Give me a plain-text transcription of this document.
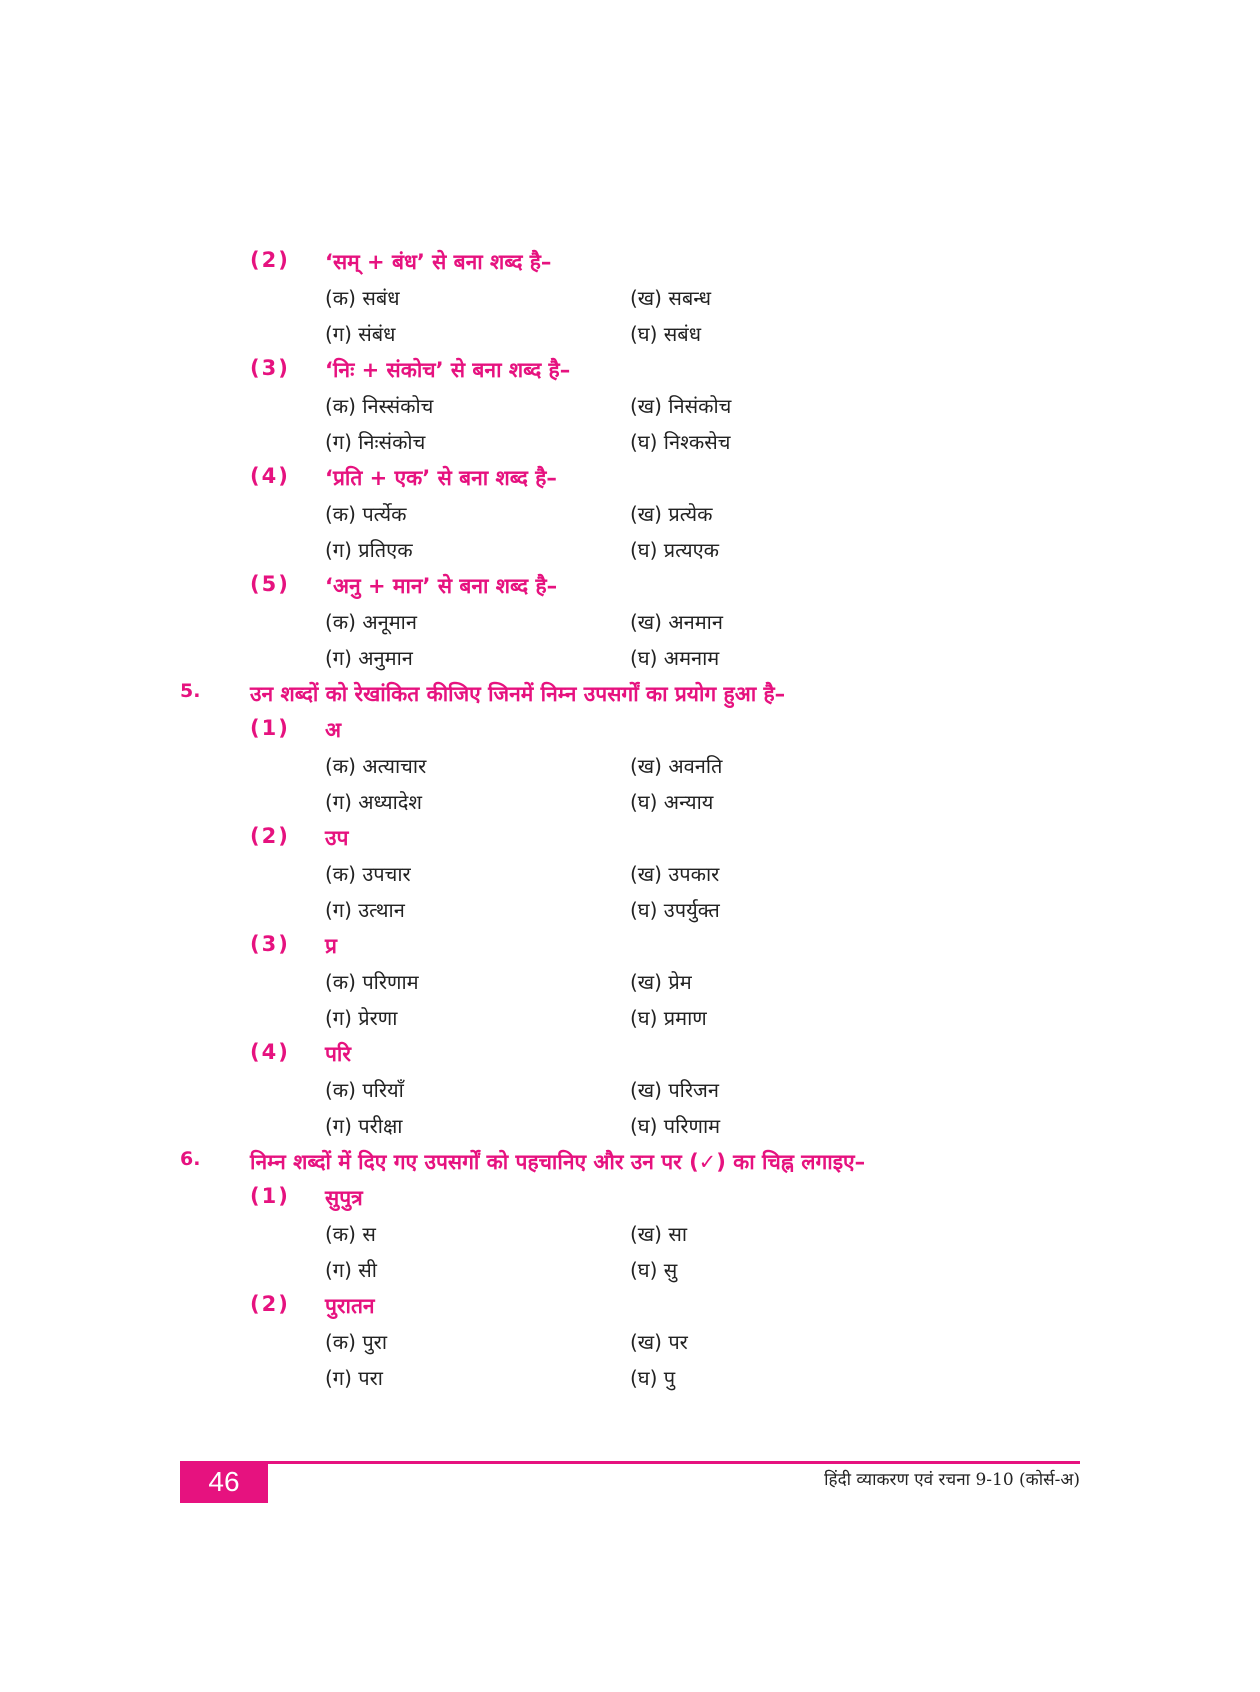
(2)	‘सम् + बंध’ से बना शब्द है–
(क) सबंध	(ख) सबन्ध
(ग) संबंध	(घ) सबंध
(3)	‘निः + संकोच’ से बना शब्द है–
(क) निस्संकोच	(ख) निसंकोच
(ग) निःसंकोच	(घ) निश्कसेच
(4)	‘प्रति + एक’ से बना शब्द है–
(क) पर्त्येक	(ख) प्रत्येक
(ग) प्रतिएक	(घ) प्रत्यएक
(5)	‘अनु + मान’ से बना शब्द है–
(क) अनूमान	(ख) अनमान
(ग) अनुमान	(घ) अमनाम
5. उन शब्दों को रेखांकित कीजिए जिनमें निम्न उपसर्गों का प्रयोग हुआ है–
(1)	अ
(क) अत्याचार	(ख) अवनति
(ग) अध्यादेश	(घ) अन्याय
(2)	उप
(क) उपचार	(ख) उपकार
(ग) उत्थान	(घ) उपर्युक्त
(3)	प्र
(क) परिणाम	(ख) प्रेम
(ग) प्रेरणा	(घ) प्रमाण
(4)	परि
(क) परियाँ	(ख) परिजन
(ग) परीक्षा	(घ) परिणाम
6. निम्न शब्दों में दिए गए उपसर्गों को पहचानिए और उन पर (✓) का चिह्न लगाइए–
(1)	सुपुत्र
(क) स	(ख) सा
(ग) सी	(घ) सु
(2)	पुरातन
(क) पुरा	(ख) पर
(ग) परा	(घ) पु
46	हिंदी व्याकरण एवं रचना 9-10 (कोर्स-अ)
